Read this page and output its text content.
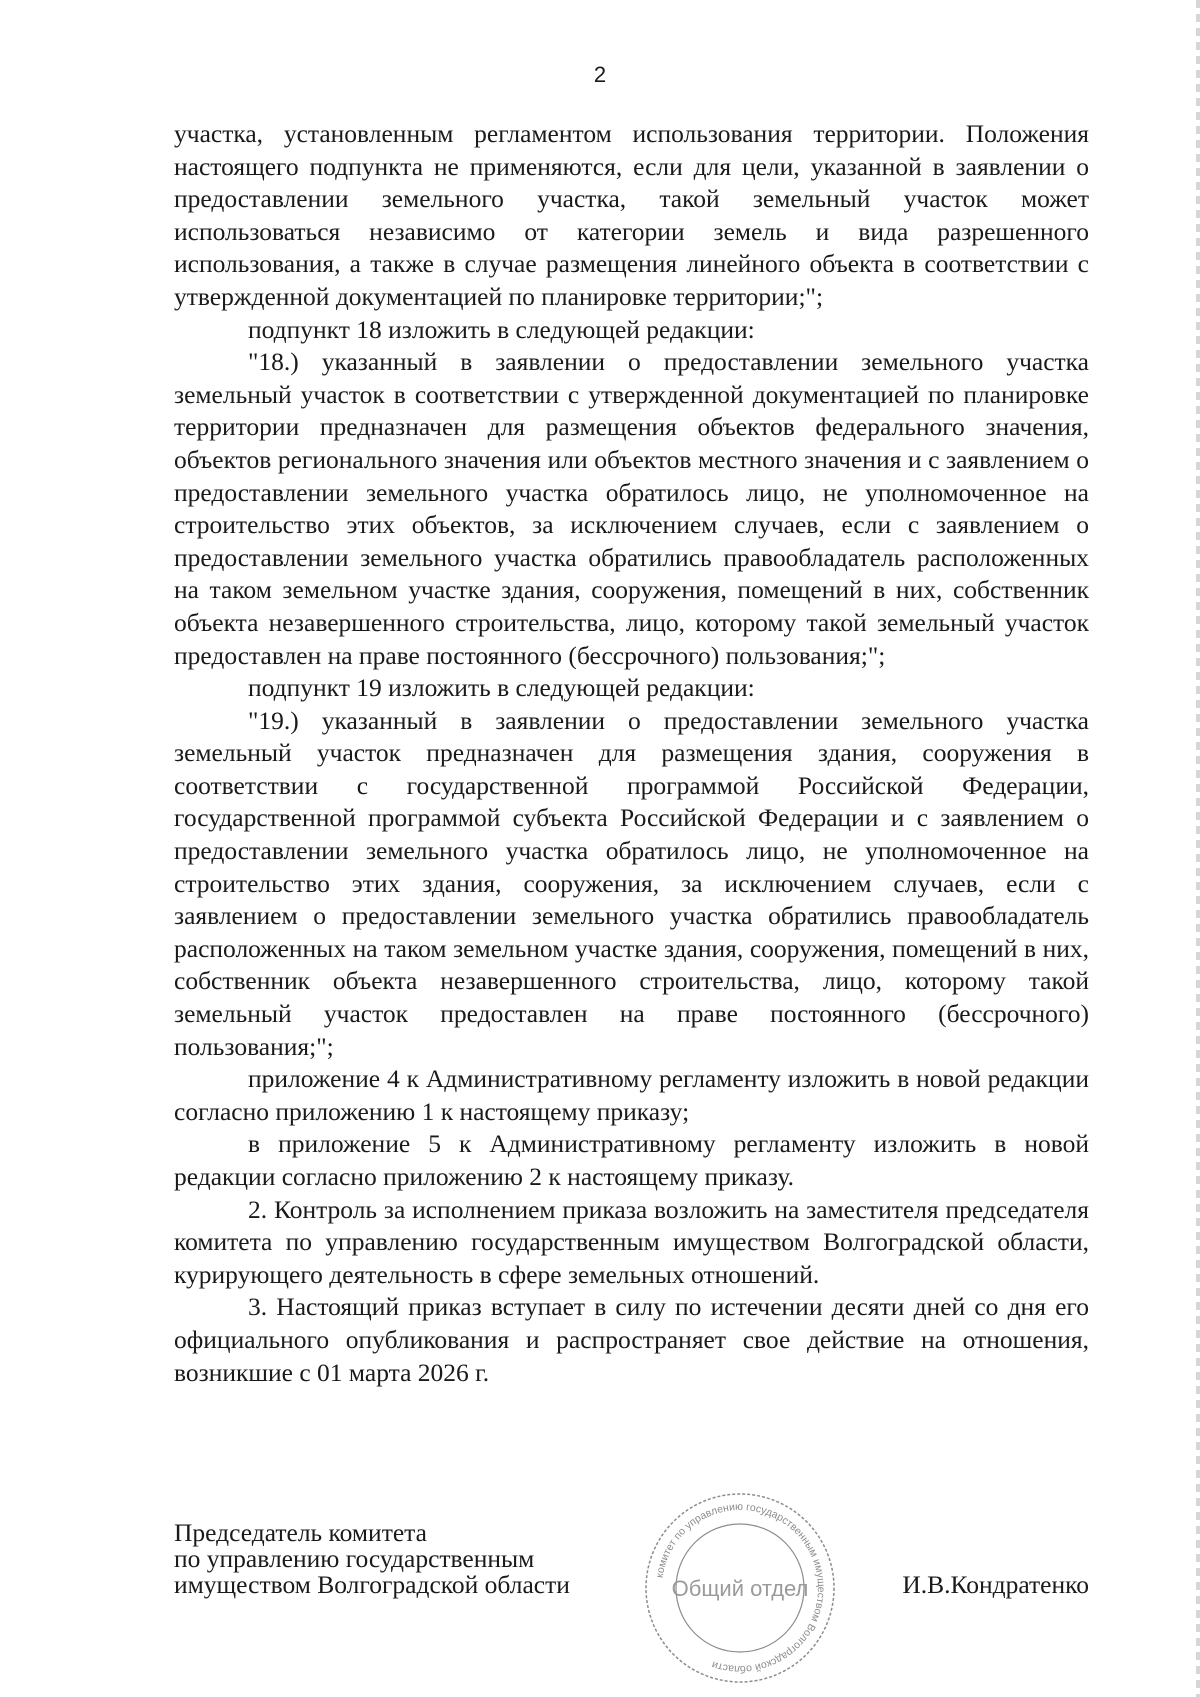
2

участка, установленным регламентом использования территории. Положения настоящего подпункта не применяются, если для цели, указанной в заявлении о предоставлении земельного участка, такой земельный участок может использоваться независимо от категории земель и вида разрешенного использования, а также в случае размещения линейного объекта в соответствии с утвержденной документацией по планировке территории;";

подпункт 18 изложить в следующей редакции:

"18.) указанный в заявлении о предоставлении земельного участка земельный участок в соответствии с утвержденной документацией по планировке территории предназначен для размещения объектов федерального значения, объектов регионального значения или объектов местного значения и с заявлением о предоставлении земельного участка обратилось лицо, не уполномоченное на строительство этих объектов, за исключением случаев, если с заявлением о предоставлении земельного участка обратились правообладатель расположенных на таком земельном участке здания, сооружения, помещений в них, собственник объекта незавершенного строительства, лицо, которому такой земельный участок предоставлен на праве постоянного (бессрочного) пользования;";

подпункт 19 изложить в следующей редакции:

"19.) указанный в заявлении о предоставлении земельного участка земельный участок предназначен для размещения здания, сооружения в соответствии с государственной программой Российской Федерации, государственной программой субъекта Российской Федерации и с заявлением о предоставлении земельного участка обратилось лицо, не уполномоченное на строительство этих здания, сооружения, за исключением случаев, если с заявлением о предоставлении земельного участка обратились правообладатель расположенных на таком земельном участке здания, сооружения, помещений в них, собственник объекта незавершенного строительства, лицо, которому такой земельный участок предоставлен на праве постоянного (бессрочного) пользования;";

приложение 4 к Административному регламенту изложить в новой редакции согласно приложению 1 к настоящему приказу;

в приложение 5 к Административному регламенту изложить в новой редакции согласно приложению 2 к настоящему приказу.

2. Контроль за исполнением приказа возложить на заместителя председателя комитета по управлению государственным имуществом Волгоградской области, курирующего деятельность в сфере земельных отношений.

3. Настоящий приказ вступает в силу по истечении десяти дней со дня его официального опубликования и распространяет свое действие на отношения, возникшие с 01 марта 2026 г.

комитет по управлению государственным имуществом Волгоградской области
Общий отдел
Председатель комитета
по управлению государственным
имуществом Волгоградской области	И.В.Кондратенко
